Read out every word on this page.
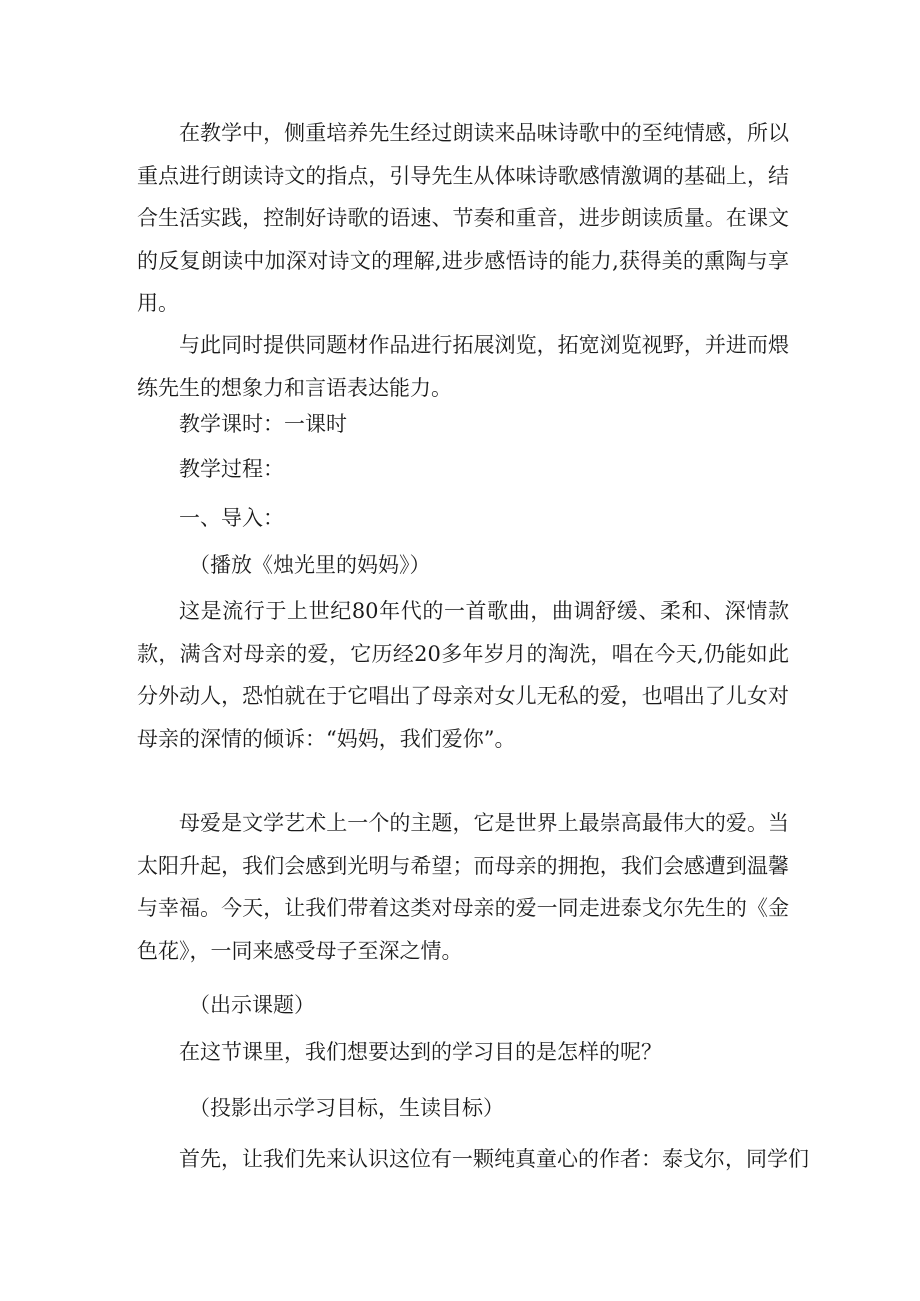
在教学中，侧重培养先生经过朗读来品味诗歌中的至纯情感，所以重点进行朗读诗文的指点，引导先生从体味诗歌感情激调的基础上，结合生活实践，控制好诗歌的语速、节奏和重音，进步朗读质量。在课文的反复朗读中加深对诗文的理解,进步感悟诗的能力,获得美的熏陶与享用。

与此同时提供同题材作品进行拓展浏览，拓宽浏览视野，并进而煨练先生的想象力和言语表达能力。

教学课时：一课时

教学过程：

一、导入：

（播放《烛光里的妈妈》）

这是流行于上世纪80年代的一首歌曲，曲调舒缓、柔和、深情款款，满含对母亲的爱，它历经20多年岁月的淘洗，唱在今天,仍能如此分外动人，恐怕就在于它唱出了母亲对女儿无私的爱，也唱出了儿女对母亲的深情的倾诉：“妈妈，我们爱你”。

母爱是文学艺术上一个的主题，它是世界上最崇高最伟大的爱。当太阳升起，我们会感到光明与希望；而母亲的拥抱，我们会感遭到温馨与幸福。今天，让我们带着这类对母亲的爱一同走进泰戈尔先生的《金色花》，一同来感受母子至深之情。

（出示课题）

在这节课里，我们想要达到的学习目的是怎样的呢？

（投影出示学习目标，生读目标）

首先，让我们先来认识这位有一颗纯真童心的作者：泰戈尔，同学们
